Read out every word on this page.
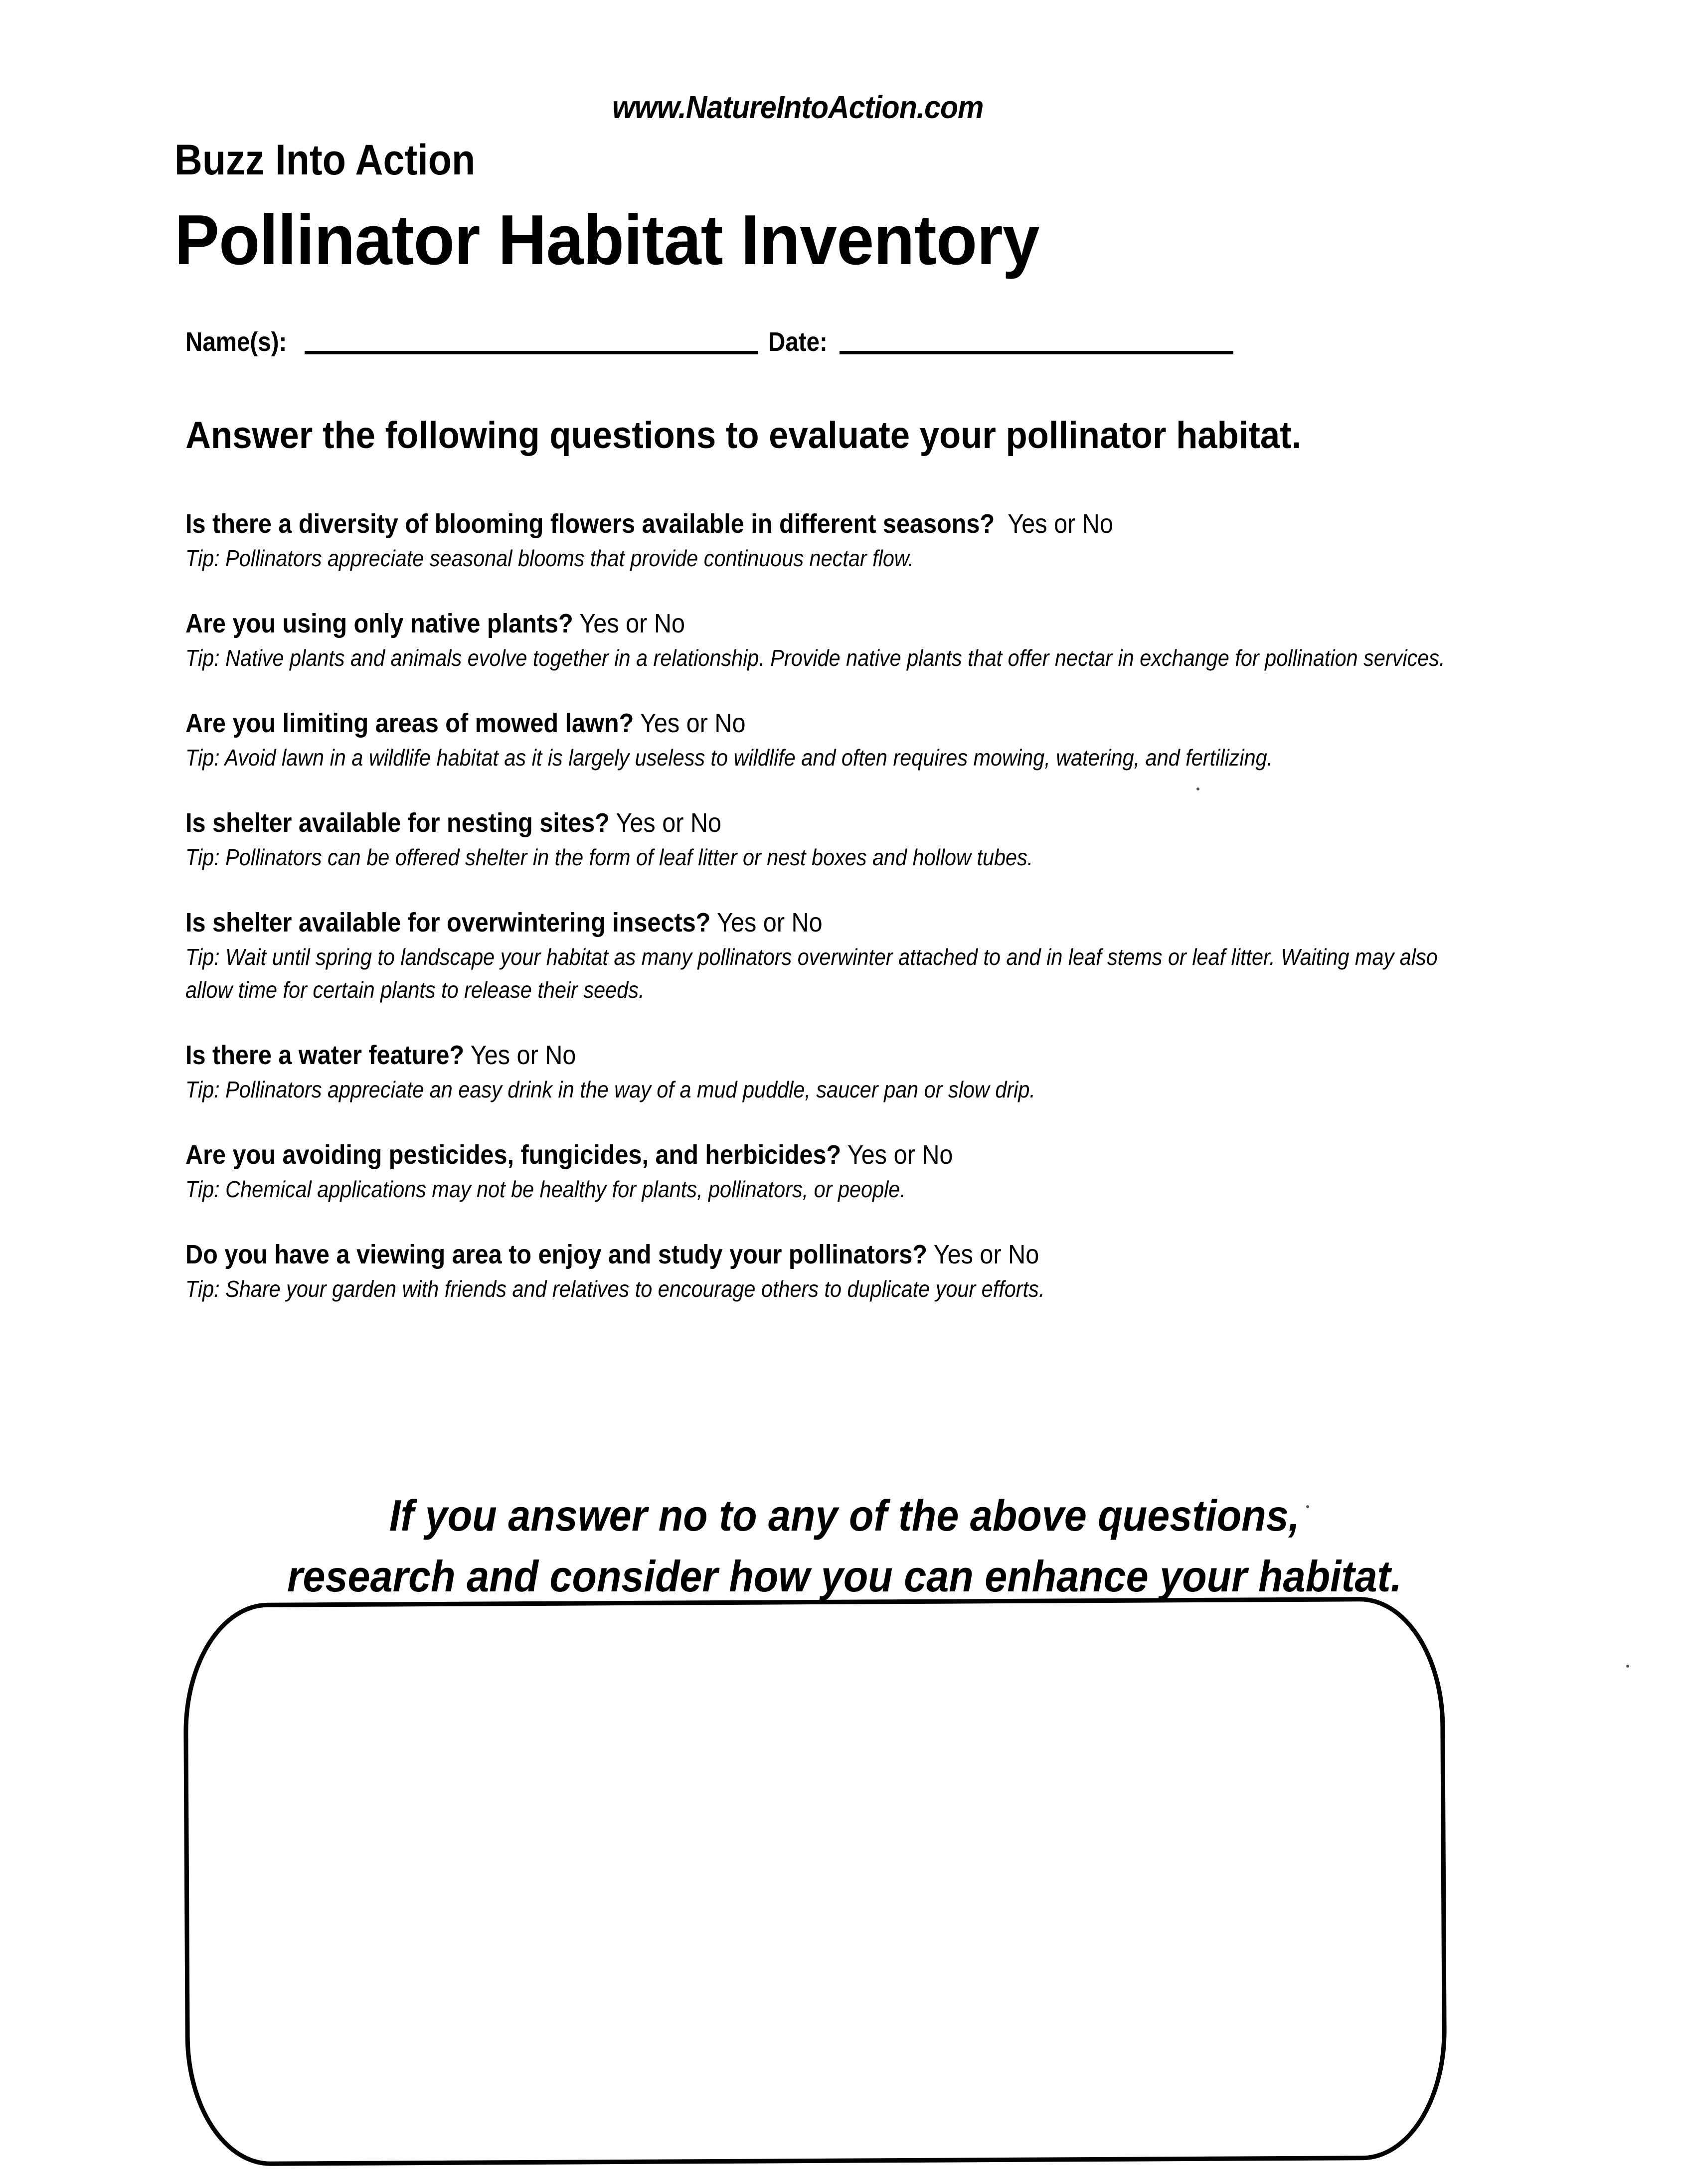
www.NatureIntoAction.com
Buzz Into Action
Pollinator Habitat Inventory
Name(s):	Date:
Answer the following questions to evaluate your pollinator habitat.
Is there a diversity of blooming flowers available in different seasons? Yes or No
Tip: Pollinators appreciate seasonal blooms that provide continuous nectar flow.
Are you using only native plants? Yes or No
Tip: Native plants and animals evolve together in a relationship. Provide native plants that offer nectar in exchange for pollination services.
Are you limiting areas of mowed lawn? Yes or No
Tip: Avoid lawn in a wildlife habitat as it is largely useless to wildlife and often requires mowing, watering, and fertilizing.
Is shelter available for nesting sites? Yes or No
Tip: Pollinators can be offered shelter in the form of leaf litter or nest boxes and hollow tubes.
Is shelter available for overwintering insects? Yes or No
Tip: Wait until spring to landscape your habitat as many pollinators overwinter attached to and in leaf stems or leaf litter. Waiting may also allow time for certain plants to release their seeds.
Is there a water feature? Yes or No
Tip: Pollinators appreciate an easy drink in the way of a mud puddle, saucer pan or slow drip.
Are you avoiding pesticides, fungicides, and herbicides? Yes or No
Tip: Chemical applications may not be healthy for plants, pollinators, or people.
Do you have a viewing area to enjoy and study your pollinators? Yes or No
Tip: Share your garden with friends and relatives to encourage others to duplicate your efforts.
If you answer no to any of the above questions,
research and consider how you can enhance your habitat.
